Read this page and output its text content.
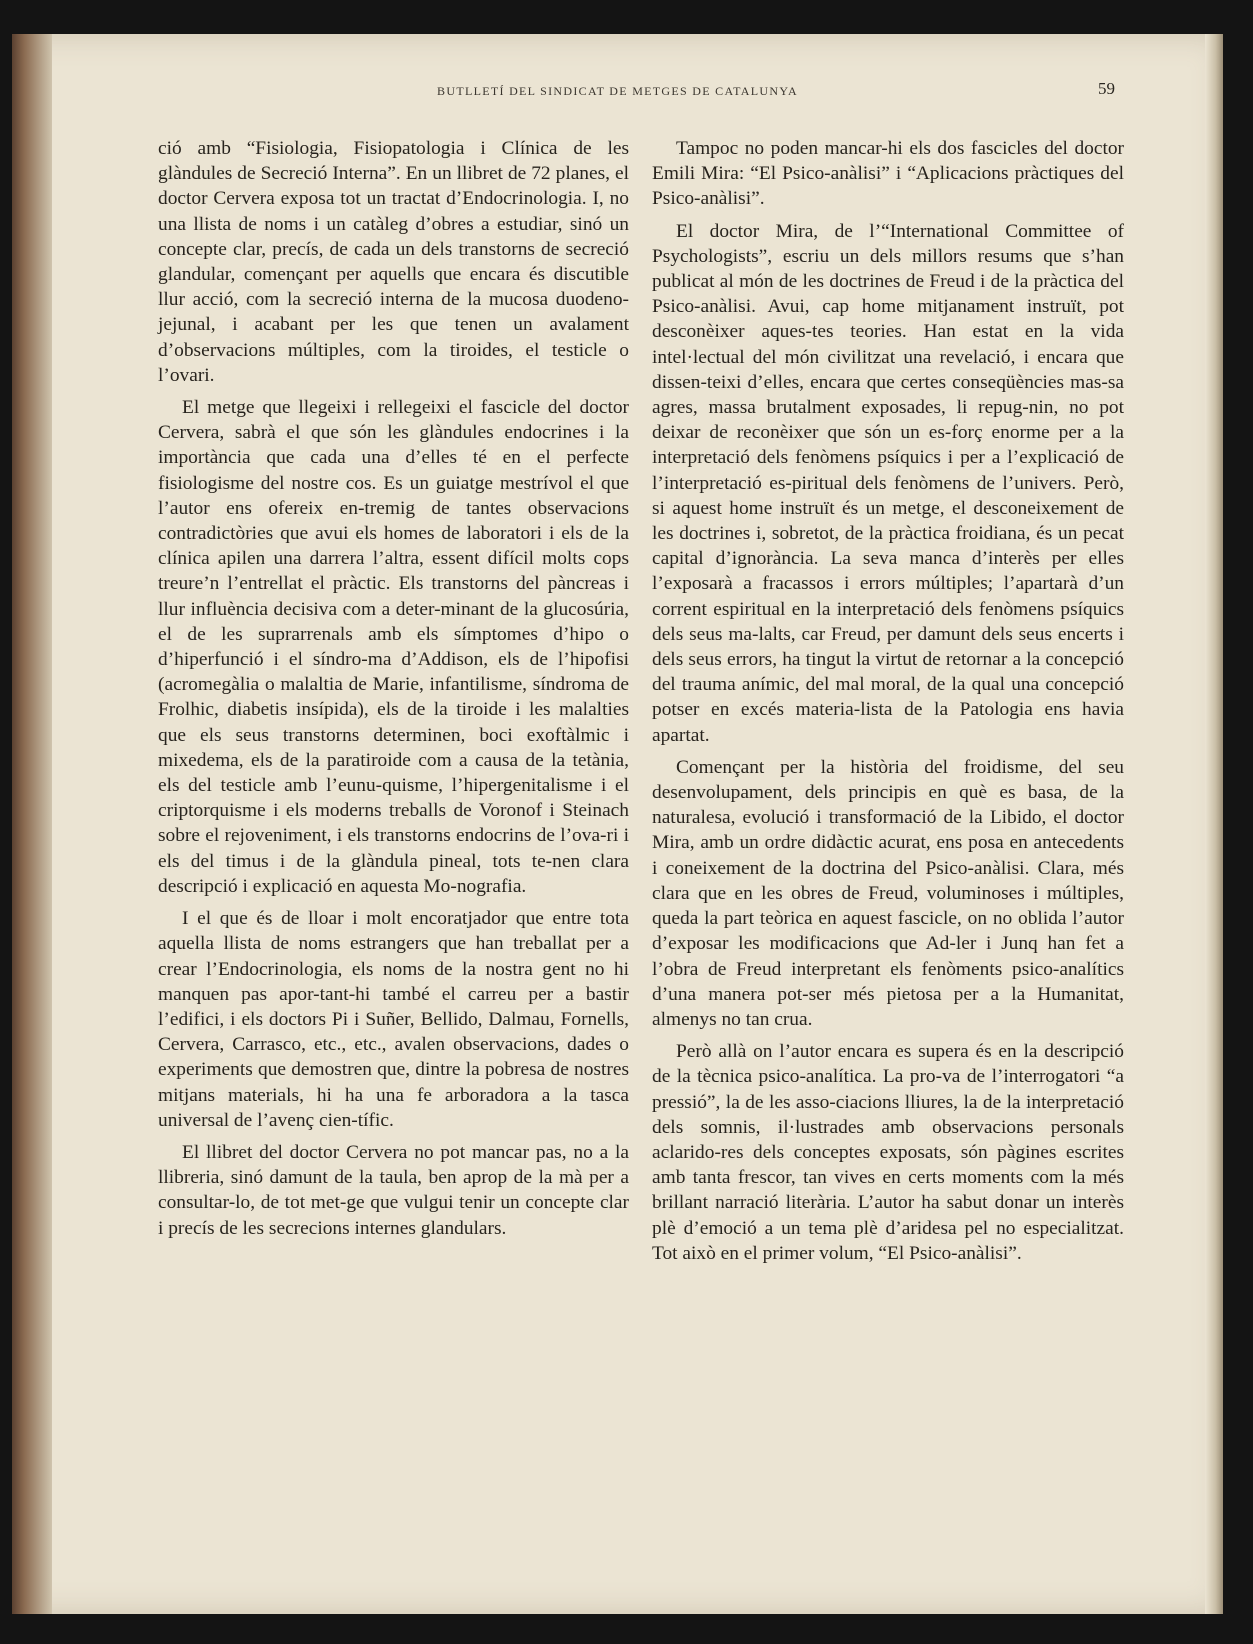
BUTLLETÍ DEL SINDICAT DE METGES DE CATALUNYA	59

ció amb “Fisiologia, Fisiopatologia i Clínica de les glàndules de Secreció Interna”. En un llibret de 72 planes, el doctor Cervera exposa tot un tractat d’Endocrinologia. I, no una llista de noms i un catàleg d’obres a estudiar, sinó un concepte clar, precís, de cada un dels transtorns de secreció glandular, començant per aquells que encara és discutible llur acció, com la secreció interna de la mucosa duodeno-jejunal, i acabant per les que tenen un avalament d’observacions múltiples, com la tiroides, el testicle o l’ovari.

El metge que llegeixi i rellegeixi el fascicle del doctor Cervera, sabrà el que són les glàndules endocrines i la importància que cada una d’elles té en el perfecte fisiologisme del nostre cos. Es un guiatge mestrívol el que l’autor ens ofereix en-tremig de tantes observacions contradictòries que avui els homes de laboratori i els de la clínica apilen una darrera l’altra, essent difícil molts cops treure’n l’entrellat el pràctic. Els transtorns del pàncreas i llur influència decisiva com a deter-minant de la glucosúria, el de les suprarrenals amb els símptomes d’hipo o d’hiperfunció i el síndro-ma d’Addison, els de l’hipofisi (acromegàlia o malaltia de Marie, infantilisme, síndroma de Frolhic, diabetis insípida), els de la tiroide i les malalties que els seus transtorns determinen, boci exoftàlmic i mixedema, els de la paratiroide com a causa de la tetània, els del testicle amb l’eunu-quisme, l’hipergenitalisme i el criptorquisme i els moderns treballs de Voronof i Steinach sobre el rejoveniment, i els transtorns endocrins de l’ova-ri i els del timus i de la glàndula pineal, tots te-nen clara descripció i explicació en aquesta Mo-nografia.

I el que és de lloar i molt encoratjador que entre tota aquella llista de noms estrangers que han treballat per a crear l’Endocrinologia, els noms de la nostra gent no hi manquen pas apor-tant-hi també el carreu per a bastir l’edifici, i els doctors Pi i Suñer, Bellido, Dalmau, Fornells, Cervera, Carrasco, etc., etc., avalen observacions, dades o experiments que demostren que, dintre la pobresa de nostres mitjans materials, hi ha una fe arboradora a la tasca universal de l’avenç cien-tífic.

El llibret del doctor Cervera no pot mancar pas, no a la llibreria, sinó damunt de la taula, ben aprop de la mà per a consultar-lo, de tot met-ge que vulgui tenir un concepte clar i precís de les secrecions internes glandulars.

Tampoc no poden mancar-hi els dos fascicles del doctor Emili Mira: “El Psico-anàlisi” i “Aplicacions pràctiques del Psico-anàlisi”.

El doctor Mira, de l’“International Committee of Psychologists”, escriu un dels millors resums que s’han publicat al món de les doctrines de Freud i de la pràctica del Psico-anàlisi. Avui, cap home mitjanament instruït, pot desconèixer aques-tes teories. Han estat en la vida intel·lectual del món civilitzat una revelació, i encara que dissen-teixi d’elles, encara que certes conseqüències mas-sa agres, massa brutalment exposades, li repug-nin, no pot deixar de reconèixer que són un es-forç enorme per a la interpretació dels fenòmens psíquics i per a l’explicació de l’interpretació es-piritual dels fenòmens de l’univers. Però, si aquest home instruït és un metge, el desconeixement de les doctrines i, sobretot, de la pràctica froidiana, és un pecat capital d’ignorància. La seva manca d’interès per elles l’exposarà a fracassos i errors múltiples; l’apartarà d’un corrent espiritual en la interpretació dels fenòmens psíquics dels seus ma-lalts, car Freud, per damunt dels seus encerts i dels seus errors, ha tingut la virtut de retornar a la concepció del trauma anímic, del mal moral, de la qual una concepció potser en excés materia-lista de la Patologia ens havia apartat.

Començant per la història del froidisme, del seu desenvolupament, dels principis en què es basa, de la naturalesa, evolució i transformació de la Libido, el doctor Mira, amb un ordre didàctic acurat, ens posa en antecedents i coneixement de la doctrina del Psico-anàlisi. Clara, més clara que en les obres de Freud, voluminoses i múltiples, queda la part teòrica en aquest fascicle, on no oblida l’autor d’exposar les modificacions que Ad-ler i Junq han fet a l’obra de Freud interpretant els fenòments psico-analítics d’una manera pot-ser més pietosa per a la Humanitat, almenys no tan crua.

Però allà on l’autor encara es supera és en la descripció de la tècnica psico-analítica. La pro-va de l’interrogatori “a pressió”, la de les asso-ciacions lliures, la de la interpretació dels somnis, il·lustrades amb observacions personals aclarido-res dels conceptes exposats, són pàgines escrites amb tanta frescor, tan vives en certs moments com la més brillant narració literària. L’autor ha sabut donar un interès plè d’emoció a un tema plè d’aridesa pel no especialitzat. Tot això en el primer volum, “El Psico-anàlisi”.
